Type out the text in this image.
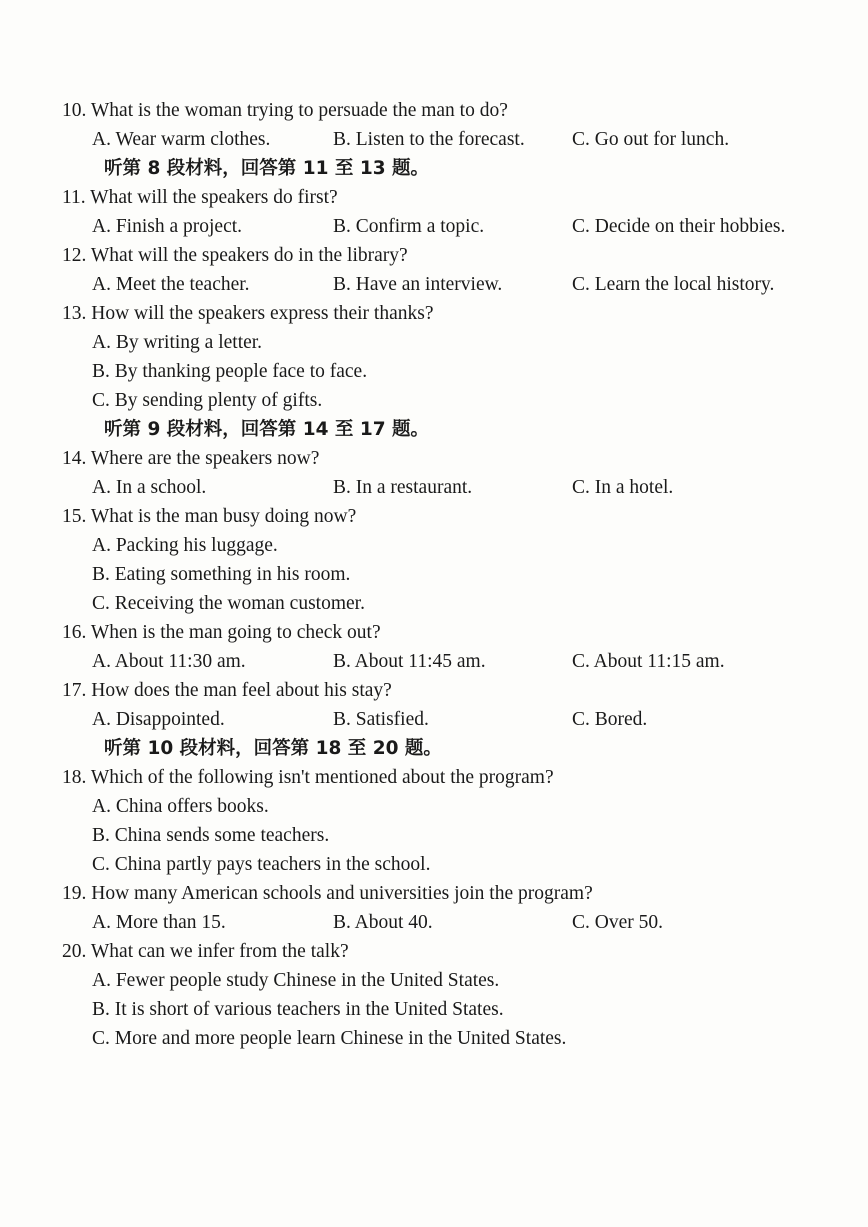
10. What is the woman trying to persuade the man to do?
A. Wear warm clothes.	B. Listen to the forecast. C. Go out for lunch.
听第 8 段材料，回答第 11 至 13 题。
11. What will the speakers do first?
A. Finish a project.	B. Confirm a topic.	C. Decide on their hobbies.
12. What will the speakers do in the library?
A. Meet the teacher.	B. Have an interview.	C. Learn the local history.
13. How will the speakers express their thanks?
A. By writing a letter.
B. By thanking people face to face.
C. By sending plenty of gifts.
听第 9 段材料，回答第 14 至 17 题。
14. Where are the speakers now?
A. In a school.	B. In a restaurant.	C. In a hotel.
15. What is the man busy doing now?
A. Packing his luggage.
B. Eating something in his room.
C. Receiving the woman customer.
16. When is the man going to check out?
A. About 11:30 am.	B. About 11:45 am.	C. About 11:15 am.
17. How does the man feel about his stay?
A. Disappointed.	B. Satisfied.	C. Bored.
听第 10 段材料，回答第 18 至 20 题。
18. Which of the following isn't mentioned about the program?
A. China offers books.
B. China sends some teachers.
C. China partly pays teachers in the school.
19. How many American schools and universities join the program?
A. More than 15.	B. About 40.	C. Over 50.
20. What can we infer from the talk?
A. Fewer people study Chinese in the United States.
B. It is short of various teachers in the United States.
C. More and more people learn Chinese in the United States.
